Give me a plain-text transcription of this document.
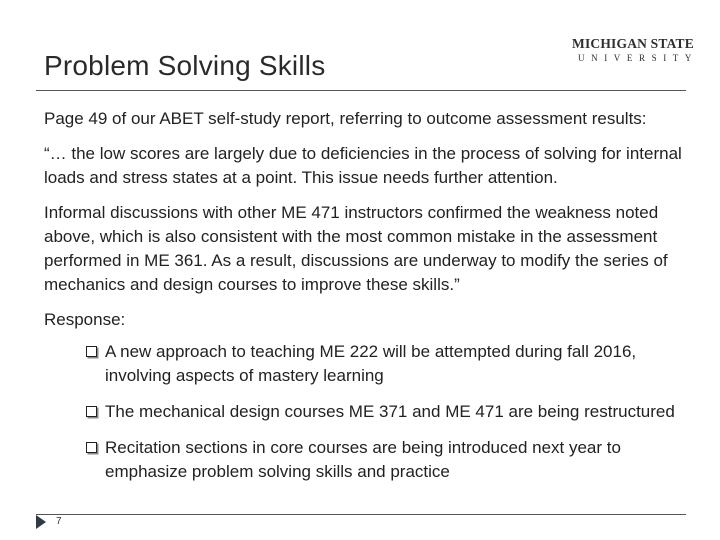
Problem Solving Skills
MICHIGAN STATE
UNIVERSITY

Page 49 of our ABET self-study report, referring to outcome assessment results:

“… the low scores are largely due to deficiencies in the process of solving for internal loads and stress states at a point. This issue needs further attention.

Informal discussions with other ME 471 instructors confirmed the weakness noted above, which is also consistent with the most common mistake in the assessment performed in ME 361. As a result, discussions are underway to modify the series of mechanics and design courses to improve these skills.”

Response:

A new approach to teaching ME 222 will be attempted during fall 2016, involving aspects of mastery learning
The mechanical design courses ME 371 and ME 471 are being restructured
Recitation sections in core courses are being introduced next year to emphasize problem solving skills and practice
7
